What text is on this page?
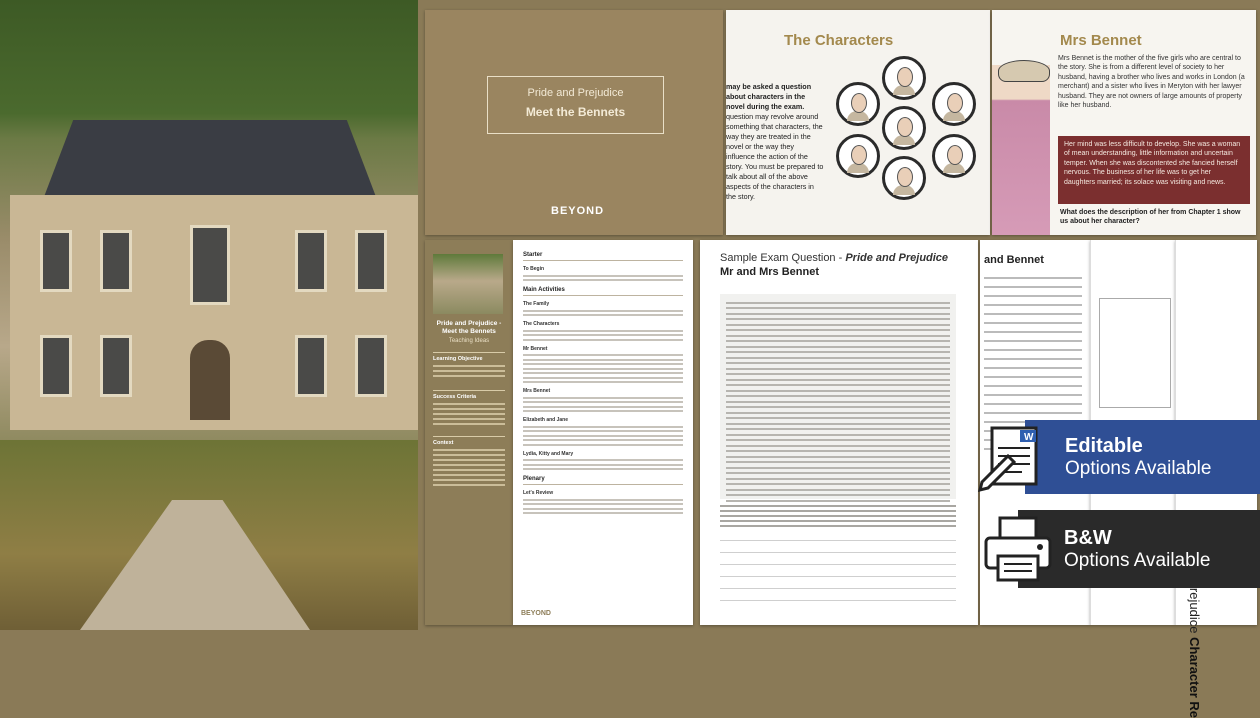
Pride and Prejudice
Meet the Bennets
BEYOND
The Characters
may be asked a question about characters in the novel during the exam. question may revolve around something that characters, the way they are treated in the novel or the way they influence the action of the story. You must be prepared to talk about all of the above aspects of the characters in the story.
Mrs Bennet
Mrs Bennet is the mother of the five girls who are central to the story. She is from a different level of society to her husband, having a brother who lives and works in London (a merchant) and a sister who lives in Meryton with her lawyer husband. They are not owners of large amounts of property like her husband.
Her mind was less difficult to develop. She was a woman of mean understanding, little information and uncertain temper. When she was discontented she fancied herself nervous. The business of her life was to get her daughters married; its solace was visiting and news.
What does the description of her from Chapter 1 show us about her character?
Pride and Prejudice - Meet the Bennets
Teaching Ideas
Learning Objective
Success Criteria
Context
Starter
To Begin
Main Activities
The Family
The Characters
Mr Bennet
Mrs Bennet
Elizabeth and Jane
Lydia, Kitty and Mary
Plenary
Let's Review
BEYOND
Sample Exam Question - Pride and Prejudice
Mr and Mrs Bennet
and Bennet
Character Re
Editable
Options Available
W
B&W
Options Available
